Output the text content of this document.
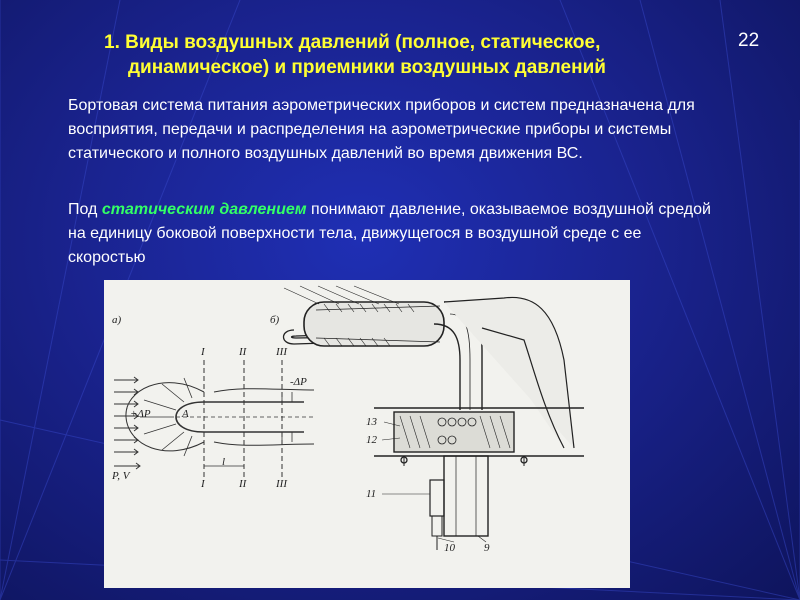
22
1. Виды воздушных давлений (полное, статическое,
динамическое) и приемники воздушных давлений
Бортовая система питания аэрометрических приборов и систем предназначена для восприятия, передачи и распределения на аэрометрические приборы и системы статического и полного воздушных давлений во время движения ВС.
Под статическим давлением понимают давление, оказываемое воздушной средой на единицу боковой поверхности тела, движущегося в воздушной среде с ее скоростью
а)	б)
I	II	III
I	II	III
+ΔP
-ΔP
A
P, V
l
13
12
11
10	9
